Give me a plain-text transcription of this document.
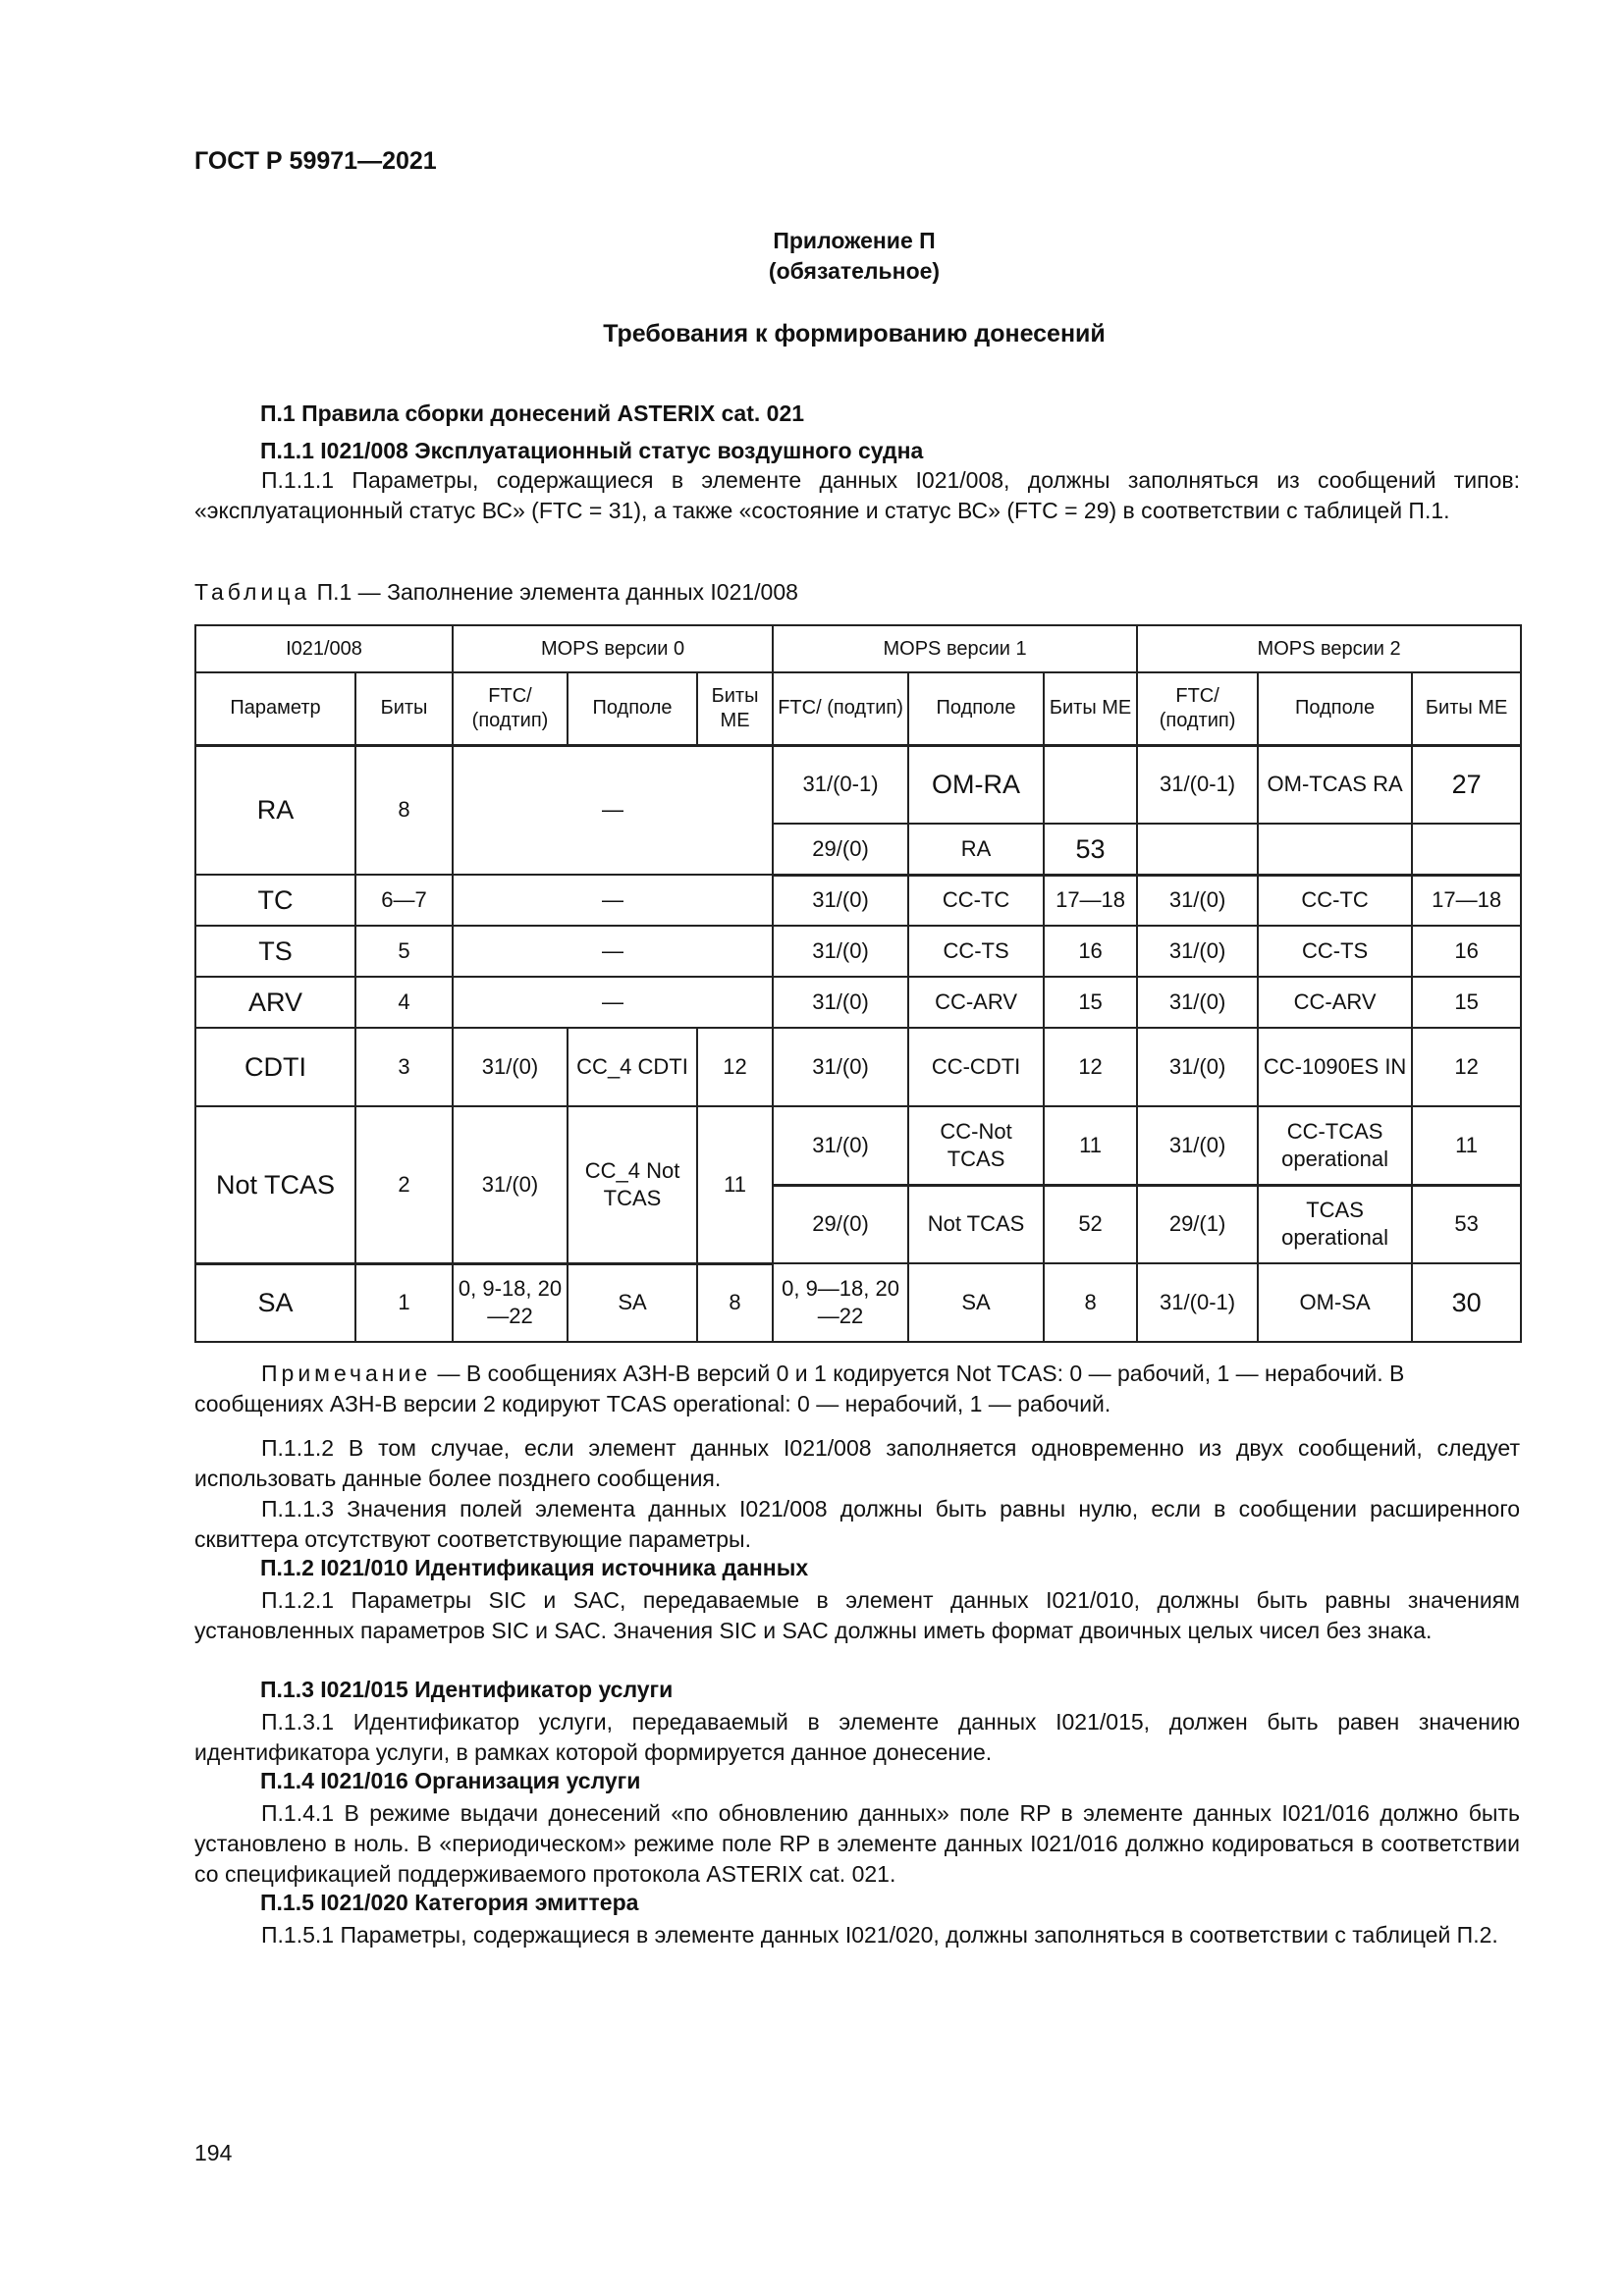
ГОСТ Р 59971—2021
Приложение П
(обязательное)
Требования к формированию донесений
П.1 Правила сборки донесений ASTERIX cat. 021
П.1.1 I021/008 Эксплуатационный статус воздушного судна
П.1.1.1 Параметры, содержащиеся в элементе данных I021/008, должны заполняться из сообщений типов: «эксплуатационный статус ВС» (FTC = 31), а также «состояние и статус ВС» (FTC = 29) в соответствии с таблицей П.1.
Таблица П.1 — Заполнение элемента данных I021/008
I021/008		MOPS версии 0			MOPS версии 1			MOPS версии 2		
Параметр	Биты	FTC/ (подтип)	Подполе	Биты ME	FTC/ (подтип)	Подполе	Биты ME	FTC/ (подтип)	Подполе	Биты ME
RA	8	—			31/(0-1)	OM-RA		31/(0-1)	OM-TCAS RA	27
					29/(0)	RA	53			
TC	6—7	—			31/(0)	CC-TC	17—18	31/(0)	CC-TC	17—18
TS	5	—			31/(0)	CC-TS	16	31/(0)	CC-TS	16
ARV	4	—			31/(0)	CC-ARV	15	31/(0)	CC-ARV	15
CDTI	3	31/(0)	CC_4 CDTI	12	31/(0)	CC-CDTI	12	31/(0)	CC-1090ES IN	12
Not TCAS	2	31/(0)	CC_4 Not TCAS	11	31/(0)	CC-Not TCAS	11	31/(0)	CC-TCAS operational	11
					29/(0)	Not TCAS	52	29/(1)	TCAS operational	53
SA	1	0, 9-18, 20—22	SA	8	0, 9—18, 20—22	SA	8	31/(0-1)	OM-SA	30
Примечание — В сообщениях АЗН-В версий 0 и 1 кодируется Not TCAS: 0 — рабочий, 1 — нерабочий. В сообщениях АЗН-В версии 2 кодируют TCAS operational: 0 — нерабочий, 1 — рабочий.
П.1.1.2 В том случае, если элемент данных I021/008 заполняется одновременно из двух сообщений, следует использовать данные более позднего сообщения.
П.1.1.3 Значения полей элемента данных I021/008 должны быть равны нулю, если в сообщении расширенного сквиттера отсутствуют соответствующие параметры.
П.1.2 I021/010 Идентификация источника данных
П.1.2.1 Параметры SIC и SAC, передаваемые в элемент данных I021/010, должны быть равны значениям установленных параметров SIC и SAC. Значения SIC и SAC должны иметь формат двоичных целых чисел без знака.
П.1.3 I021/015 Идентификатор услуги
П.1.3.1 Идентификатор услуги, передаваемый в элементе данных I021/015, должен быть равен значению идентификатора услуги, в рамках которой формируется данное донесение.
П.1.4 I021/016 Организация услуги
П.1.4.1 В режиме выдачи донесений «по обновлению данных» поле RP в элементе данных I021/016 должно быть установлено в ноль. В «периодическом» режиме поле RP в элементе данных I021/016 должно кодироваться в соответствии со спецификацией поддерживаемого протокола ASTERIX cat. 021.
П.1.5 I021/020 Категория эмиттера
П.1.5.1 Параметры, содержащиеся в элементе данных I021/020, должны заполняться в соответствии с таблицей П.2.
194
